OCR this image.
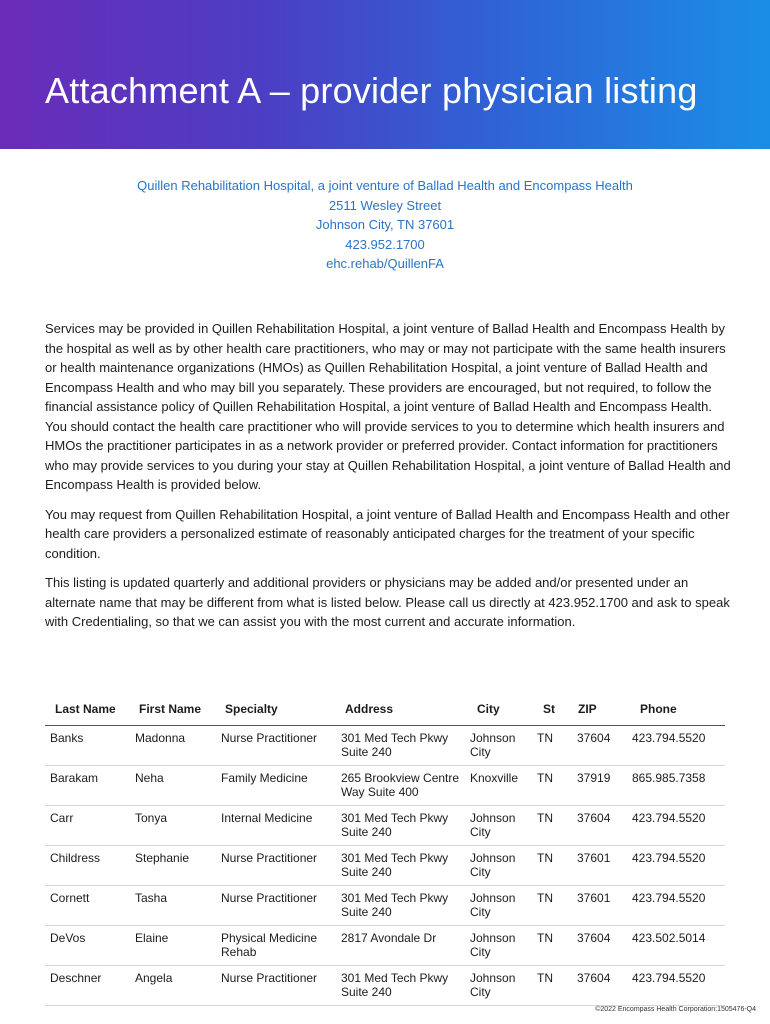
Attachment A – provider physician listing
Quillen Rehabilitation Hospital, a joint venture of Ballad Health and Encompass Health
2511 Wesley Street
Johnson City, TN 37601
423.952.1700
ehc.rehab/QuillenFA

Services may be provided in Quillen Rehabilitation Hospital, a joint venture of Ballad Health and Encompass Health by the hospital as well as by other health care practitioners, who may or may not participate with the same health insurers or health maintenance organizations (HMOs) as Quillen Rehabilitation Hospital, a joint venture of Ballad Health and Encompass Health and who may bill you separately. These providers are encouraged, but not required, to follow the financial assistance policy of Quillen Rehabilitation Hospital, a joint venture of Ballad Health and Encompass Health. You should contact the health care practitioner who will provide services to you to determine which health insurers and HMOs the practitioner participates in as a network provider or preferred provider. Contact information for practitioners who may provide services to you during your stay at Quillen Rehabilitation Hospital, a joint venture of Ballad Health and Encompass Health is provided below.

You may request from Quillen Rehabilitation Hospital, a joint venture of Ballad Health and Encompass Health and other health care providers a personalized estimate of reasonably anticipated charges for the treatment of your specific condition.

This listing is updated quarterly and additional providers or physicians may be added and/or presented under an alternate name that may be different from what is listed below. Please call us directly at 423.952.1700 and ask to speak with Credentialing, so that we can assist you with the most current and accurate information.

Last Name	First Name	Specialty	Address	City	St	ZIP	Phone
Banks	Madonna	Nurse Practitioner	301 Med Tech Pkwy Suite 240	Johnson City	TN	37604	423.794.5520
Barakam	Neha	Family Medicine	265 Brookview Centre Way Suite 400	Knoxville	TN	37919	865.985.7358
Carr	Tonya	Internal Medicine	301 Med Tech Pkwy Suite 240	Johnson City	TN	37604	423.794.5520
Childress	Stephanie	Nurse Practitioner	301 Med Tech Pkwy Suite 240	Johnson City	TN	37601	423.794.5520
Cornett	Tasha	Nurse Practitioner	301 Med Tech Pkwy Suite 240	Johnson City	TN	37601	423.794.5520
DeVos	Elaine	Physical Medicine Rehab	2817 Avondale Dr	Johnson City	TN	37604	423.502.5014
Deschner	Angela	Nurse Practitioner	301 Med Tech Pkwy Suite 240	Johnson City	TN	37604	423.794.5520
©2022 Encompass Health Corporation:1505476-Q4
